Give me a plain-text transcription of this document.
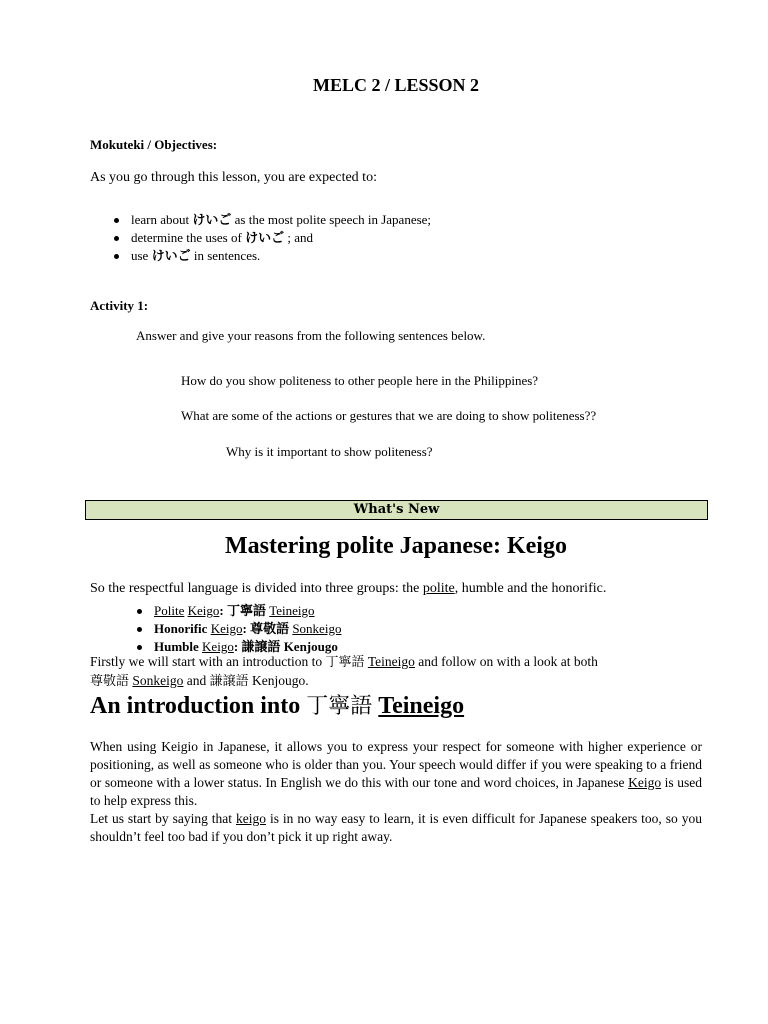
MELC 2 / LESSON 2
Mokuteki / Objectives:
As you go through this lesson, you are expected to:
learn about けいご as the most polite speech in Japanese;
determine the uses of けいご ; and
use けいご in sentences.
Activity 1:
Answer and give your reasons from the following sentences below.
How do you show politeness to other people here in the Philippines?
What are some of the actions or gestures that we are doing to show politeness??
Why is it important to show politeness?
What's New
Mastering polite Japanese: Keigo
So the respectful language is divided into three groups: the polite, humble and the honorific.
Polite Keigo: 丁寧語 Teineigo
Honorific Keigo: 尊敬語 Sonkeigo
Humble Keigo: 謙譲語 Kenjougo
Firstly we will start with an introduction to 丁寧語 Teineigo and follow on with a look at both
尊敬語 Sonkeigo and 謙譲語 Kenjougo.
An introduction into 丁寧語 Teineigo
When using Keigio in Japanese, it allows you to express your respect for someone with higher experience or positioning, as well as someone who is older than you. Your speech would differ if you were speaking to a friend or someone with a lower status. In English we do this with our tone and word choices, in Japanese Keigo is used to help express this.
Let us start by saying that keigo is in no way easy to learn, it is even difficult for Japanese speakers too, so you shouldn’t feel too bad if you don’t pick it up right away.
